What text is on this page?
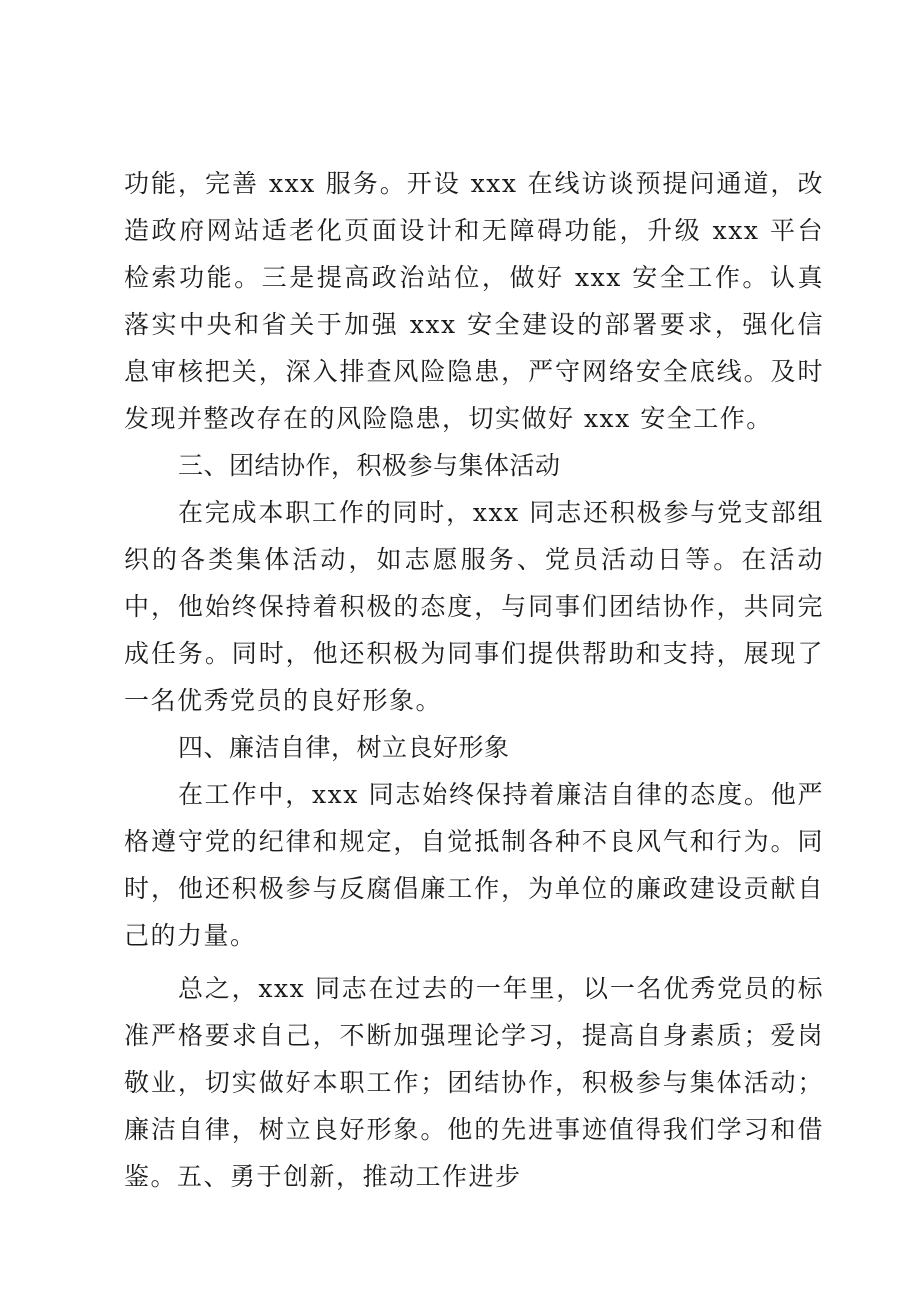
功能，完善 xxx 服务。开设 xxx 在线访谈预提问通道，改造政府网站适老化页面设计和无障碍功能，升级 xxx 平台检索功能。三是提高政治站位，做好 xxx 安全工作。认真落实中央和省关于加强 xxx 安全建设的部署要求，强化信息审核把关，深入排查风险隐患，严守网络安全底线。及时发现并整改存在的风险隐患，切实做好 xxx 安全工作。

三、团结协作，积极参与集体活动

在完成本职工作的同时，xxx 同志还积极参与党支部组织的各类集体活动，如志愿服务、党员活动日等。在活动中，他始终保持着积极的态度，与同事们团结协作，共同完成任务。同时，他还积极为同事们提供帮助和支持，展现了一名优秀党员的良好形象。

四、廉洁自律，树立良好形象

在工作中，xxx 同志始终保持着廉洁自律的态度。他严格遵守党的纪律和规定，自觉抵制各种不良风气和行为。同时，他还积极参与反腐倡廉工作，为单位的廉政建设贡献自己的力量。

总之，xxx 同志在过去的一年里，以一名优秀党员的标准严格要求自己，不断加强理论学习，提高自身素质；爱岗敬业，切实做好本职工作；团结协作，积极参与集体活动；廉洁自律，树立良好形象。他的先进事迹值得我们学习和借鉴。五、勇于创新，推动工作进步
